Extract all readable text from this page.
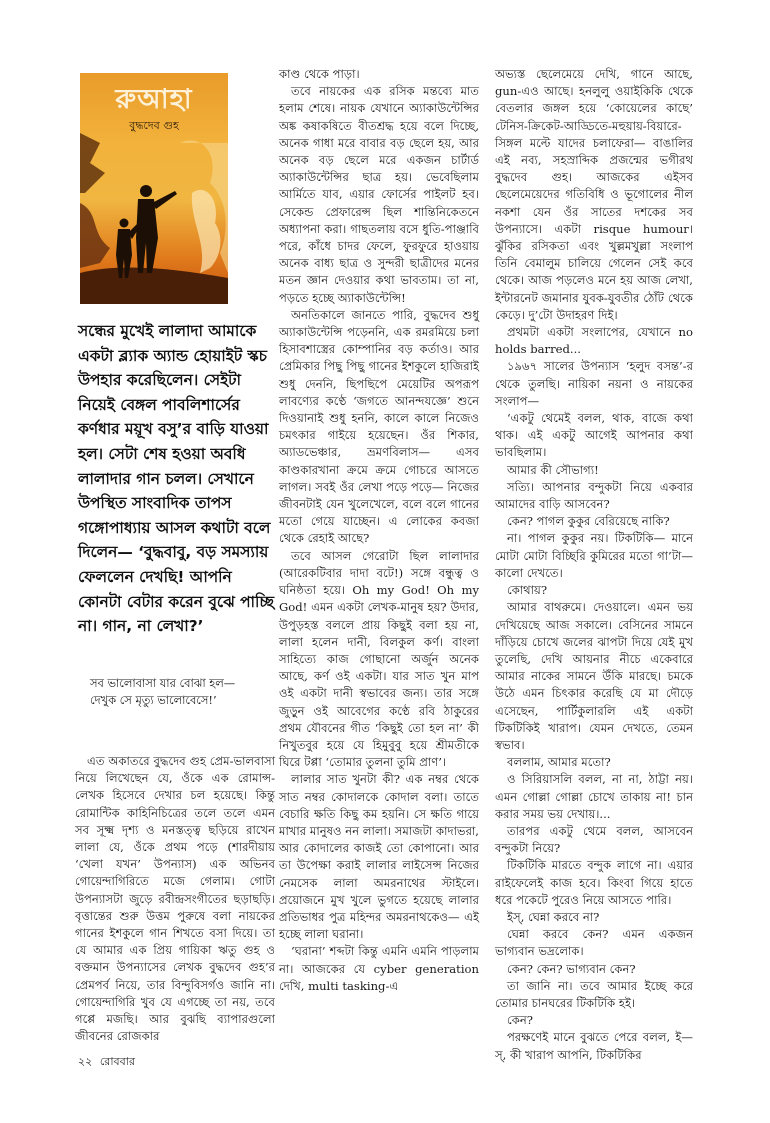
রুআহা
বুদ্ধদেব গুহ

সন্ধের মুখেই লালাদা আমাকে একটা ব্ল্যাক অ্যান্ড হোয়াইট স্কচ উপহার করেছিলেন। সেইটা নিয়েই বেঙ্গল পাবলিশার্সের কর্ণধার ময়ূখ বসু’র বাড়ি যাওয়া হল। সেটা শেষ হওয়া অবধি লালাদার গান চলল। সেখানে উপস্থিত সাংবাদিক তাপস গঙ্গোপাধ্যায় আসল কথাটা বলে দিলেন— ‘বুদ্ধবাবু, বড় সমস্যায় ফেললেন দেখছি! আপনি কোনটা বেটার করেন বুঝে পাচ্ছি না। গান, না লেখা?’

সব ভালোবাসা যার বোঝা হল—
দেখুক সে মৃত্যু ভালোবেসে!’

এত অকাতরে বুদ্ধদেব গুহ প্রেম-ভালবাসা নিয়ে লিখেছেন যে, ওঁকে এক রোমান্স-লেখক হিসেবে দেখার চল হয়েছে। কিন্তু রোমান্টিক কাহিনিচিত্রের তলে তলে এমন সব সূক্ষ্ম দৃশ্য ও মনস্তত্ত্ব ছড়িয়ে রাখেন লালা যে, ওঁকে প্রথম পড়ে (শারদীয়ায় ‘খেলা যখন’ উপন্যাস) এক অভিনব গোয়েন্দাগিরিতে মজে গেলাম। গোটা উপন্যাসটা জুড়ে রবীন্দ্রসংগীতের ছড়াছড়ি। বৃত্তান্তের শুরু উত্তম পুরুষে বলা নায়কের গানের ইশকুলে গান শিখতে বসা দিয়ে। তা যে আমার এক প্রিয় গায়িকা ঋতু গুহ ও বক্তমান উপন্যাসের লেখক বুদ্ধদেব গুহ’র প্রেমপর্ব নিয়ে, তার বিন্দুবিসর্গও জানি না। গোয়েন্দাগিরি খুব যে এগচ্ছে তা নয়, তবে গপ্পে মজছি। আর বুঝছি ব্যাপারগুলো জীবনের রোজকার

কাণ্ড থেকে পাড়া।

তবে নায়কের এক রসিক মন্তব্যে মাত হলাম শেষে। নায়ক যেখানে অ্যাকাউন্টেন্সির অঙ্ক কষাকষিতে বীতশ্রদ্ধ হয়ে বলে দিচ্ছে, অনেক গাধা মরে বাবার বড় ছেলে হয়, আর অনেক বড় ছেলে মরে একজন চার্টার্ড অ্যাকাউন্টেন্সির ছাত্র হয়। ভেবেছিলাম আর্মিতে যাব, এয়ার ফোর্সের পাইলট হব। সেকেন্ড প্রেফারেন্স ছিল শান্তিনিকেতনে অধ্যাপনা করা। গাছতলায় বসে ধুতি-পাঞ্জাবি পরে, কাঁধে চাদর ফেলে, ফুরফুরে হাওয়ায় অনেক বাধ্য ছাত্র ও সুন্দরী ছাত্রীদের মনের মতন জ্ঞান দেওয়ার কথা ভাবতাম। তা না, পড়তে হচ্ছে অ্যাকাউন্টেন্সি!

অনতিকালে জানতে পারি, বুদ্ধদেব শুধু অ্যাকাউন্টেন্সি পড়েননি, এক রমরমিয়ে চলা হিসাবশাস্ত্রের কোম্পানির বড় কর্তাও। আর প্রেমিকার পিছু পিছু গানের ইশকুলে হাজিরাই শুধু দেননি, ছিপছিপে মেয়েটির অপরূপ লাবণ্যের কণ্ঠে ‘জগতে আনন্দযজ্ঞে’ শুনে দিওয়ানাই শুধু হননি, কালে কালে নিজেও চমৎকার গাইয়ে হয়েছেন। ওঁর শিকার, অ্যাডভেঞ্চার, ভ্রমণবিলাস— এসব কাণ্ডকারখানা ক্রমে ক্রমে গোচরে আসতে লাগল। সবই ওঁর লেখা পড়ে পড়ে— নিজের জীবনটাই যেন খুলেখেলে, বলে বলে গানের মতো গেয়ে যাচ্ছেন। এ লোকের কবজা থেকে রেহাই আছে?

তবে আসল গেরোটা ছিল লালাদার (আরেকটিবার দাদা বটে!) সঙ্গে বন্ধুত্ব ও ঘনিষ্ঠতা হয়ে। Oh my God! Oh my God! এমন একটা লেখক-মানুষ হয়? উদার, উপুড়হস্ত বললে প্রায় কিছুই বলা হয় না, লালা হলেন দানী, বিলকুল কর্ণ। বাংলা সাহিত্যে কাজ গোছানো অর্জুন অনেক আছে, কর্ণ ওই একটা। যার সাত খুন মাপ ওই একটা দানী স্বভাবের জন্য। তার সঙ্গে জুড়ুন ওই আবেগের কণ্ঠে রবি ঠাকুরের প্রথম যৌবনের গীত ‘কিছুই তো হল না’ কী নিখুতবুর হয়ে যে হিমুবুবু হয়ে শ্রীমতীকে ঘিরে টপ্পা ‘তোমার তুলনা তুমি প্রাণ’।

লালার সাত খুনটা কী? এক নম্বর থেকে সাত নম্বর কোদালকে কোদাল বলা। তাতে বেচারি ক্ষতি কিছু কম হয়নি। সে ক্ষতি গায়ে মাখার মানুষও নন লালা। সমাজটা কাদাভরা, আর কোদালের কাজই তো কোপানো। আর তা উপেক্ষা করাই লালার লাইসেন্স নিজের নেমসেক লালা অমরনাথের স্টাইলে। প্রয়োজনে মুখ খুলে ভুগতে হয়েছে লালার প্রতিভাধর পুত্র মহিন্দর অমরনাথকেও— এই হচ্ছে লালা ঘরানা।

‘ঘরানা’ শব্দটা কিন্তু এমনি এমনি পাড়লাম না। আজকের যে cyber generation দেখি, multi tasking-এ

অভ্যস্ত ছেলেমেয়ে দেখি, গানে আছে, gun-এও আছে। হনলুলু ওয়াইকিকি থেকে বেতলার জঙ্গল হয়ে ‘কোয়েলের কাছে’ টেনিস-ক্রিকেট-আড্ডিতে-মহুয়ায়-বিয়ারে-সিঙ্গল মল্টে যাদের চলাফেরা— বাঙালির এই নব্য, সহস্রাব্দিক প্রজন্মের ভগীরথ বুদ্ধদেব গুহ। আজকের এইসব ছেলেমেয়েদের গতিবিধি ও ভূগোলের নীল নকশা যেন ওঁর সাতের দশকের সব উপন্যাসে। একটা risque humour। ঝুঁকির রসিকতা এবং খুল্লমখুল্লা সংলাপ তিনি বেমালুম চালিয়ে গেলেন সেই কবে থেকে। আজ পড়লেও মনে হয় আজ লেখা, ইন্টারনেট জমানার যুবক-যুবতীর ঠোঁট থেকে কেড়ে। দু’টো উদাহরণ দিই।

প্রথমটা একটা সংলাপের, যেখানে no holds barred...

১৯৬৭ সালের উপন্যাস ‘হলুদ বসন্ত’-র থেকে তুলছি। নায়িকা নয়না ও নায়কের সংলাপ—

‘একটু থেমেই বলল, থাক, বাজে কথা থাক। এই একটু আগেই আপনার কথা ভাবছিলাম।

আমার কী সৌভাগ্য!

সত্যি। আপনার বন্দুকটা নিয়ে একবার আমাদের বাড়ি আসবেন?

কেন? পাগল কুকুর বেরিয়েছে নাকি?

না। পাগল কুকুর নয়। টিকটিকি— মানে মোটা মোটা বিচ্ছিরি কুমিরের মতো গা’টা— কালো দেখতে।

কোথায়?

আমার বাথরুমে। দেওয়ালে। এমন ভয় দেখিয়েছে আজ সকালে। বেসিনের সামনে দাঁড়িয়ে চোখে জলের ঝাপটা দিয়ে যেই মুখ তুলেছি, দেখি আয়নার নীচে একেবারে আমার নাকের সামনে উঁকি মারছে। চমকে উঠে এমন চিৎকার করেছি যে মা দৌড়ে এসেছেন, পার্টিকুলারলি এই একটা টিকটিকিই খারাপ। যেমন দেখতে, তেমন স্বভাব।

বললাম, আমার মতো?

ও সিরিয়াসলি বলল, না না, ঠাট্টা নয়। এমন গোল্লা গোল্লা চোখে তাকায় না! চান করার সময় ভয় দেখায়।...

তারপর একটু থেমে বলল, আসবেন বন্দুকটা নিয়ে?

টিকটিকি মারতে বন্দুক লাগে না। এয়ার রাইফেলেই কাজ হবে। কিংবা গিয়ে হাতে ধরে পকেটে পুরেও নিয়ে আসতে পারি।

ইস্‌, ঘেন্না করবে না?

ঘেন্না করবে কেন? এমন একজন ভাগ্যবান ভদ্রলোক।

কেন? কেন? ভাগ্যবান কেন?

তা জানি না। তবে আমার ইচ্ছে করে তোমার চানঘরের টিকটিকি হই।

কেন?

পরক্ষণেই মানে বুঝতে পেরে বলল, ই—স্‌, কী খারাপ আপনি, টিকটিকির

২২ রোববার
